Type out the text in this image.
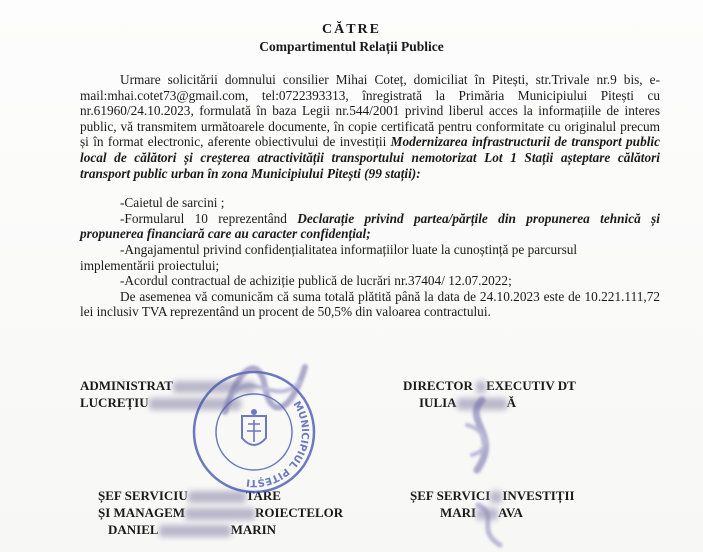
CĂTRE
Compartimentul Relații Publice

Urmare solicitării domnului consilier Mihai Coteț, domiciliat în Pitești, str.Trivale nr.9 bis, e-mail:mhai.cotet73@gmail.com, tel:0722393313, înregistrată la Primăria Municipiului Pitești cu nr.61960/24.10.2023, formulată în baza Legii nr.544/2001 privind liberul acces la informațiile de interes public, vă transmitem următoarele documente, în copie certificată pentru conformitate cu originalul precum și în format electronic, aferente obiectivului de investiții Modernizarea infrastructurii de transport public local de călători și creșterea atractivității transportului nemotorizat Lot 1 Stații așteptare călători transport public urban în zona Municipiului Pitești (99 stații):

-Caietul de sarcini ;

-Formularul 10 reprezentând Declarație privind partea/părțile din propunerea tehnică și propunerea financiară care au caracter confidențial;

-Angajamentul privind confidențialitatea informațiilor luate la cunoștință pe parcursul

implementării proiectului;

-Acordul contractual de achiziție publică de lucrări nr.37404/ 12.07.2022;

De asemenea vă comunicăm că suma totală plătită până la data de 24.10.2023 este de 10.221.111,72 lei inclusiv TVA reprezentând un procent de 50,5% din valoarea contractului.

ADMINISTRAT
LUCREȚIU
DIRECTOR EXECUTIV DT
IULIA	Ă
ȘEF SERVICIU	TARE
ȘI MANAGEM	ROIECTELOR
DANIEL	MARIN
ȘEF SERVICI INVESTIȚII
MARI AVA
MUNICIPIUL PITEȘTI
